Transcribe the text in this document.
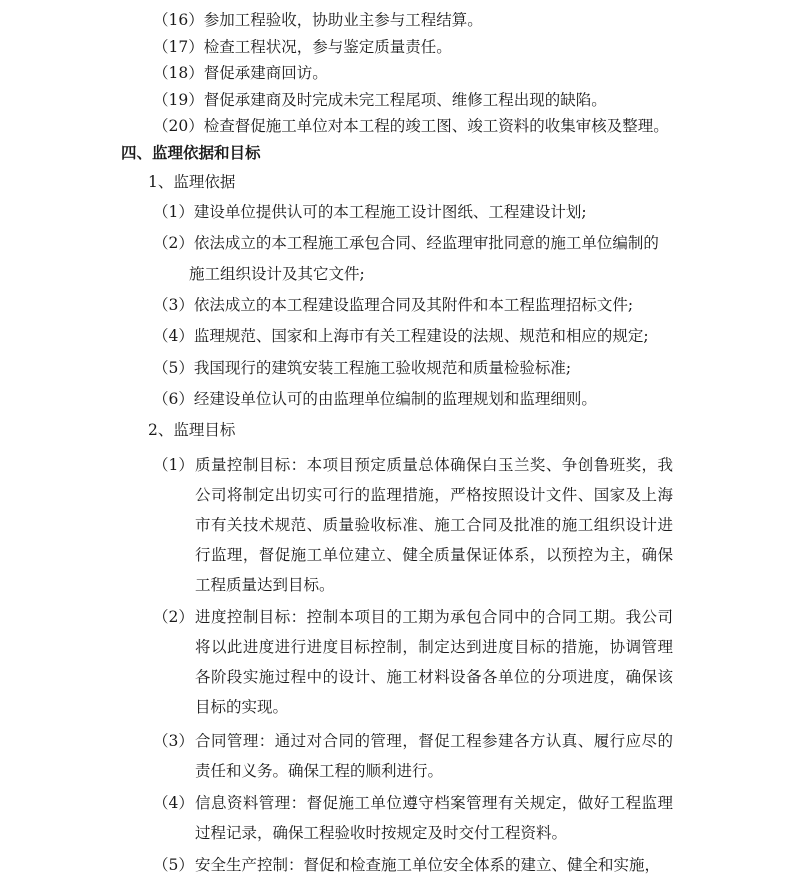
（16）参加工程验收，协助业主参与工程结算。
（17）检查工程状况，参与鉴定质量责任。
（18）督促承建商回访。
（19）督促承建商及时完成未完工程尾项、维修工程出现的缺陷。
（20）检查督促施工单位对本工程的竣工图、竣工资料的收集审核及整理。
四、监理依据和目标
1、监理依据
（1）建设单位提供认可的本工程施工设计图纸、工程建设计划;
（2）依法成立的本工程施工承包合同、经监理审批同意的施工单位编制的
施工组织设计及其它文件;
（3）依法成立的本工程建设监理合同及其附件和本工程监理招标文件;
（4）监理规范、国家和上海市有关工程建设的法规、规范和相应的规定;
（5）我国现行的建筑安装工程施工验收规范和质量检验标准;
（6）经建设单位认可的由监理单位编制的监理规划和监理细则。
2、监理目标
（1） 质量控制目标：本项目预定质量总体确保白玉兰奖、争创鲁班奖，我公司将制定出切实可行的监理措施，严格按照设计文件、国家及上海市有关技术规范、质量验收标准、施工合同及批准的施工组织设计进行监理，督促施工单位建立、健全质量保证体系，以预控为主，确保工程质量达到目标。
（2） 进度控制目标：控制本项目的工期为承包合同中的合同工期。我公司将以此进度进行进度目标控制，制定达到进度目标的措施，协调管理各阶段实施过程中的设计、施工材料设备各单位的分项进度，确保该目标的实现。
（3） 合同管理：通过对合同的管理，督促工程参建各方认真、履行应尽的责任和义务。确保工程的顺利进行。
（4） 信息资料管理：督促施工单位遵守档案管理有关规定，做好工程监理过程记录，确保工程验收时按规定及时交付工程资料。
（5） 安全生产控制：督促和检查施工单位安全体系的建立、健全和实施，
